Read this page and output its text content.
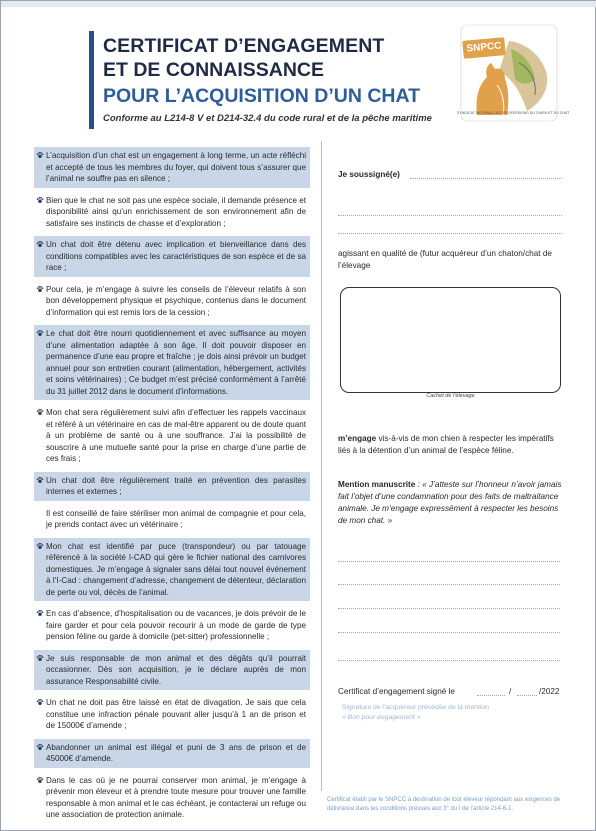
CERTIFICAT D’ENGAGEMENT
ET DE CONNAISSANCE
POUR L’ACQUISITION D’UN CHAT
Conforme au L214-8 V et D214-32.4 du code rural et de la pêche maritime
SNPCC
SYNDICAT NATIONAL DES PROFESSIONS DU CHIEN ET DU CHAT
L’acquisition d’un chat est un engagement à long terme, un acte réfléchi et accepté de tous les membres du foyer, qui doivent tous s’assurer que l’animal ne souffre pas en silence ;
Bien que le chat ne soit pas une espèce sociale, il demande présence et disponibilité ainsi qu’un enrichissement de son environnement afin de satisfaire ses instincts de chasse et d’exploration ;
Un chat doit être détenu avec implication et bienveillance dans des conditions compatibles avec les caractéristiques de son espèce et de sa race ;
Pour cela, je m’engage à suivre les conseils de l’éleveur relatifs à son bon développement physique et psychique, contenus dans le document d’information qui est remis lors de la cession ;
Le chat doit être nourri quotidiennement et avec suffisance au moyen d’une alimentation adaptée à son âge. Il doit pouvoir disposer en permanence d’une eau propre et fraîche ; je dois ainsi prévoir un budget annuel pour son entretien courant (alimentation, hébergement, activités et soins vétérinaires) ; Ce budget m’est précisé conformément à l’arrêté du 31 juillet 2012 dans le document d’informations.
Mon chat sera régulièrement suivi afin d’effectuer les rappels vaccinaux et référé à un vétérinaire en cas de mal-être apparent ou de doute quant à un problème de santé ou à une souffrance. J’ai la possibilité de souscrire à une mutuelle santé pour la prise en charge d’une partie de ces frais ;
Un chat doit être régulièrement traité en prévention des parasites internes et externes ;
Il est conseillé de faire stériliser mon animal de compagnie et pour cela, je prends contact avec un vétérinaire ;
Mon chat est identifié par puce (transpondeur) ou par tatouage référencé à la société I-CAD qui gère le fichier national des carnivores domestiques. Je m’engage à signaler sans délai tout nouvel événement à l’I-Cad : changement d’adresse, changement de détenteur, déclaration de perte ou vol, décès de l’animal.
En cas d’absence, d’hospitalisation ou de vacances, je dois prévoir de le faire garder et pour cela pouvoir recourir à un mode de garde de type pension féline ou garde à domicile (pet-sitter) professionnelle ;
Je suis responsable de mon animal et des dégâts qu’il pourrait occasionner. Dès son acquisition, je le déclare auprès de mon assurance Responsabilité civile.
Un chat ne doit pas être laissé en état de divagation. Je sais que cela constitue une infraction pénale pouvant aller jusqu’à 1 an de prison et de 15000€ d’amende ;
Abandonner un animal est illégal et puni de 3 ans de prison et de 45000€ d’amende.
Dans le cas où je ne pourrai conserver mon animal, je m’engage à prévenir mon éleveur et à prendre toute mesure pour trouver une famille responsable à mon animal et le cas échéant, je contacterai un refuge ou une association de protection animale.
Je soussigné(e)
agissant en qualité de (futur acquéreur d’un chaton/chat de l’élevage
Cachet de l’élevage
m’engage vis-à-vis de mon chien à respecter les impératifs liés à la détention d’un animal de l’espèce féline.
Mention manuscrite : « J’atteste sur l’honneur n’avoir jamais fait l’objet d’une condamnation pour des faits de maltraitance animale. Je m’engage expressément à respecter les besoins de mon chat. »
Certificat d’engagement signé le	/	/2022
Signature de l’acquéreur précédée de la mention
« Bon pour engagement »
Certificat établi par le SNPCC à destination de tout éleveur répondant aux exigences de délivrance dans les conditions prévues aux 3° du I de l’article 214-6-1.
